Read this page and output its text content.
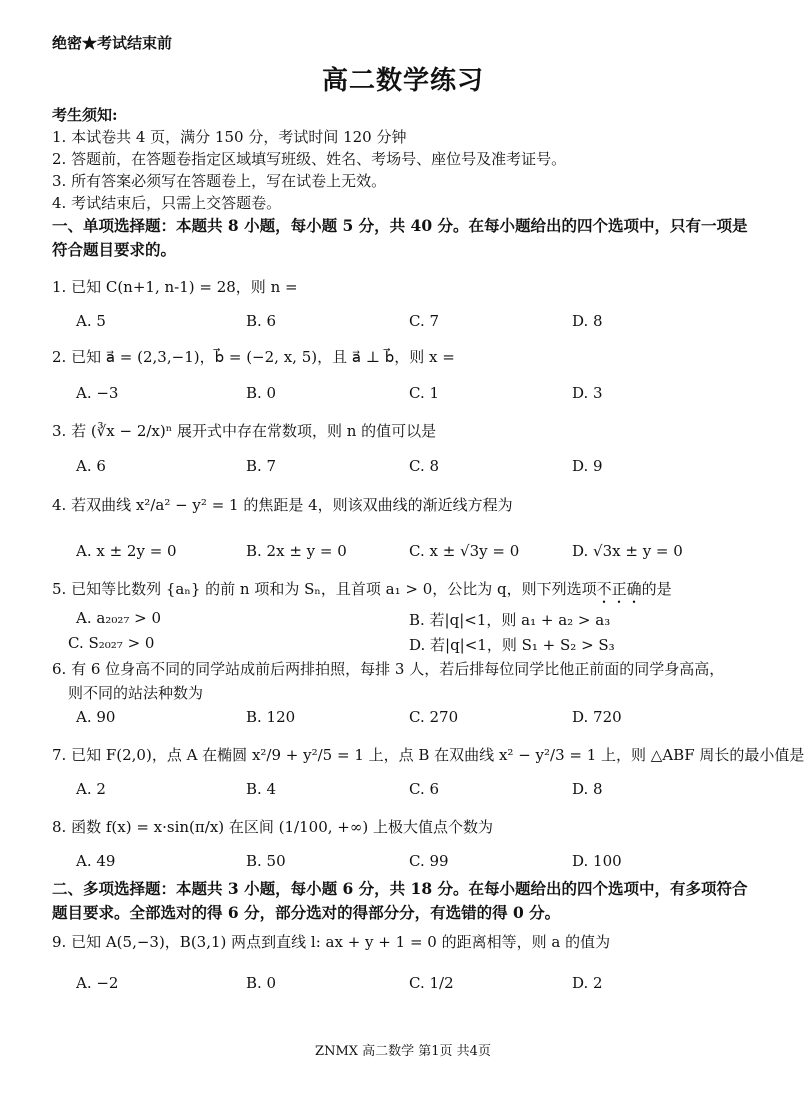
绝密★考试结束前
高二数学练习
考生须知:
1. 本试卷共 4 页，满分 150 分，考试时间 120 分钟
2. 答题前，在答题卷指定区域填写班级、姓名、考场号、座位号及准考证号。
3. 所有答案必须写在答题卷上，写在试卷上无效。
4. 考试结束后，只需上交答题卷。
一、单项选择题：本题共 8 小题，每小题 5 分，共 40 分。在每小题给出的四个选项中，只有一项是
符合题目要求的。
1. 已知 C(n+1, n-1) = 28，则 n =
A. 5	B. 6	C. 7	D. 8
2. 已知 a⃗ = (2,3,−1)，b⃗ = (−2, x, 5)，且 a⃗ ⊥ b⃗，则 x =
A. −3	B. 0	C. 1	D. 3
3. 若 (∛x − 2/x)ⁿ 展开式中存在常数项，则 n 的值可以是
A. 6	B. 7	C. 8	D. 9
4. 若双曲线 x²/a² − y² = 1 的焦距是 4，则该双曲线的渐近线方程为
A. x ± 2y = 0	B. 2x ± y = 0	C. x ± √3y = 0	D. √3x ± y = 0
5. 已知等比数列 {aₙ} 的前 n 项和为 Sₙ，且首项 a₁ > 0，公比为 q，则下列选项不正确的是
A. a₂₀₂₇ > 0	B. 若|q|<1，则 a₁ + a₂ > a₃
C. S₂₀₂₇ > 0	D. 若|q|<1，则 S₁ + S₂ > S₃
6. 有 6 位身高不同的同学站成前后两排拍照，每排 3 人，若后排每位同学比他正前面的同学身高高，
则不同的站法种数为
A. 90	B. 120	C. 270	D. 720
7. 已知 F(2,0)，点 A 在椭圆 x²/9 + y²/5 = 1 上，点 B 在双曲线 x² − y²/3 = 1 上，则 △ABF 周长的最小值是
A. 2	B. 4	C. 6	D. 8
8. 函数 f(x) = x·sin(π/x) 在区间 (1/100, +∞) 上极大值点个数为
A. 49	B. 50	C. 99	D. 100
二、多项选择题：本题共 3 小题，每小题 6 分，共 18 分。在每小题给出的四个选项中，有多项符合
题目要求。全部选对的得 6 分，部分选对的得部分分，有选错的得 0 分。
9. 已知 A(5,−3)，B(3,1) 两点到直线 l: ax + y + 1 = 0 的距离相等，则 a 的值为
A. −2	B. 0	C. 1/2	D. 2
ZNMX 高二数学 第1页 共4页
